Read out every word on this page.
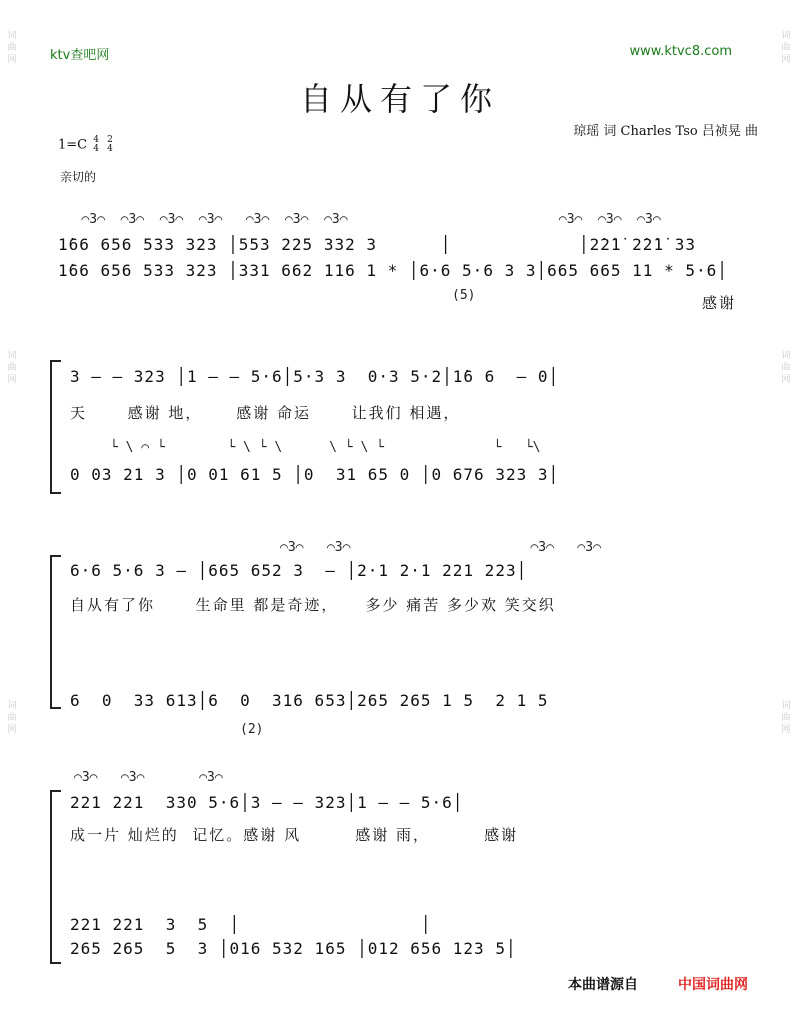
词
曲
网
词
曲
网
词
曲
网
词
曲
网
词
曲
网
词
曲
网
ktv查吧网	www.ktvc8.com
自从有了你
琼瑶 词 Charles Tso 吕祯晃 曲
1=C 4
4 2
4
亲切的
⌒3⌒  ⌒3⌒  ⌒3⌒  ⌒3⌒   ⌒3⌒  ⌒3⌒  ⌒3⌒                           ⌒3⌒  ⌒3⌒  ⌒3⌒
1̇66 656 533 323 │553 225 332 3      │            │2̇2̇1̇ 2̇2̇1̇ 33
1̇66 656 533 323 │331 662 116 1 * │6·6 5·6 3 3│665 665 11 * 5·6│
(5)	感谢
3 – – 323 │1 – – 5·6│5·3 3  0·3 5·2│1̇6 6  – 0│
天      感谢 地，     感谢 命运      让我们 相遇，
└ \ ⌒ └        └ \ └ \      \ └ \ └              └   └\
0 03 21 3 │0 01 61 5 │0  31 65 0 │0 676 323 3│
⌒3⌒   ⌒3⌒                       ⌒3⌒   ⌒3⌒
6·6 5·6 3 – │665 652 3  – │2·1 2·1 221 223│
自从有了你      生命里 都是奇迹，    多少 痛苦 多少欢 笑交织
6  0  33 613│6  0  316 653│265 265 1 5  2 1 5
(2)
⌒3⌒   ⌒3⌒       ⌒3⌒
221 221  330 5·6│3 – – 323│1 – – 5·6│
成一片 灿烂的  记忆。感谢 风        感谢 雨，        感谢
221 221  3  5  │                 │
265 265  5  3 │016 532 165 │012 656 123 5│
本曲谱源自	中国词曲网
